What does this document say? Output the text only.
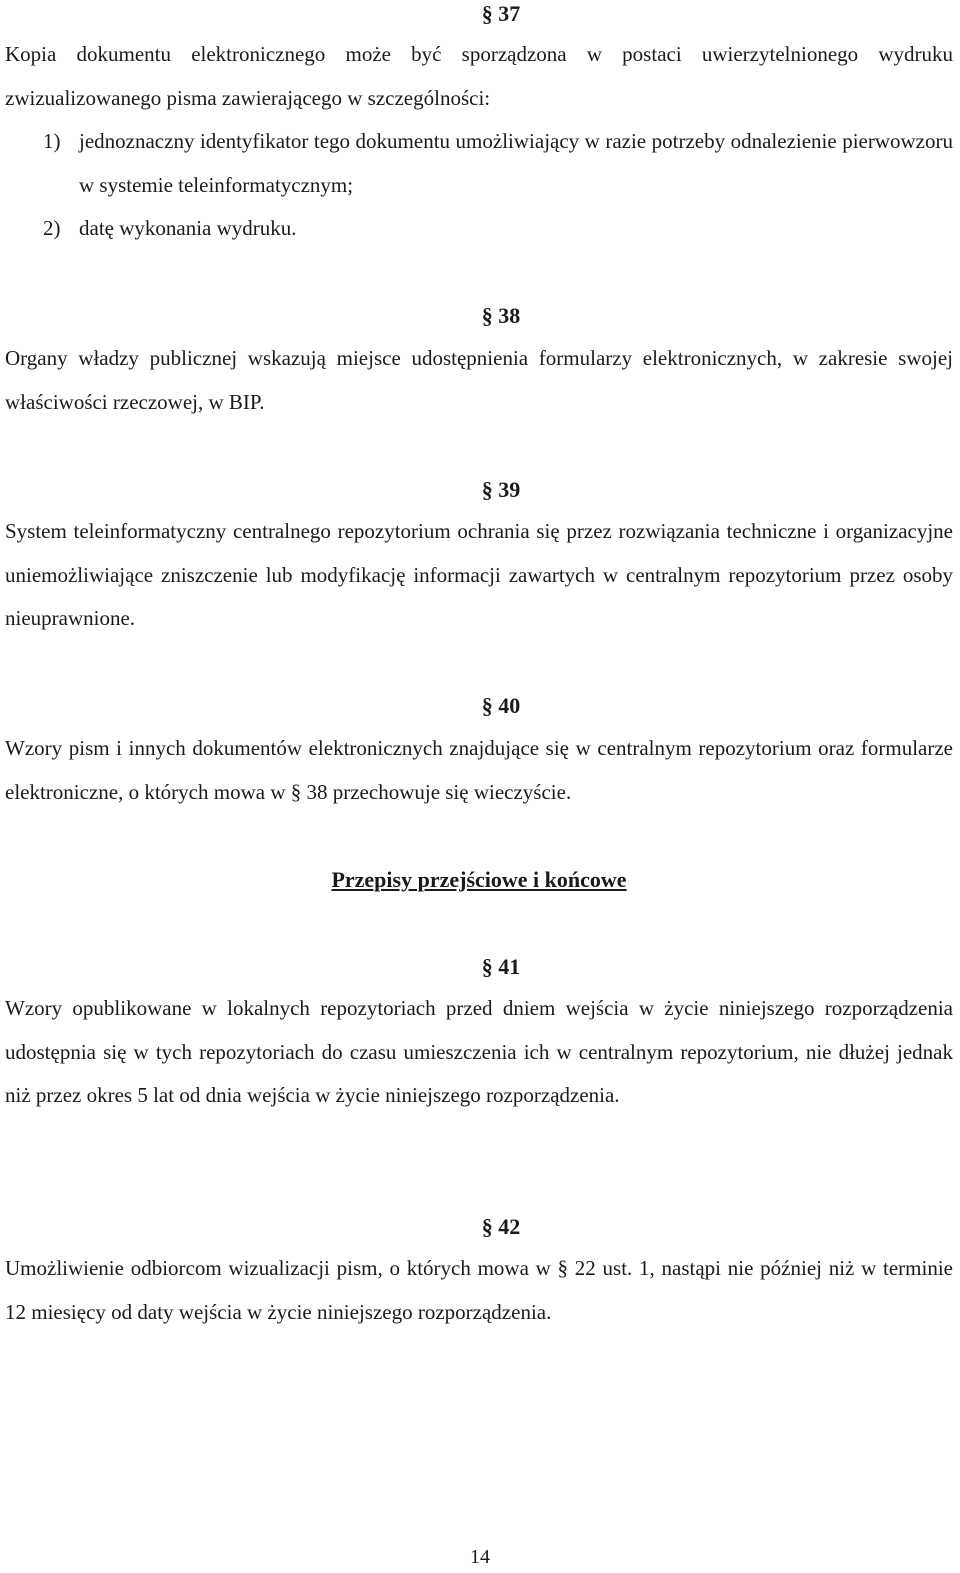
§ 37
Kopia dokumentu elektronicznego może być sporządzona w postaci uwierzytelnionego wydruku zwizualizowanego pisma zawierającego w szczególności:
1) jednoznaczny identyfikator tego dokumentu umożliwiający w razie potrzeby odnalezienie pierwowzoru w systemie teleinformatycznym;
2) datę wykonania wydruku.
§ 38
Organy władzy publicznej wskazują miejsce udostępnienia formularzy elektronicznych, w zakresie swojej właściwości rzeczowej, w BIP.
§ 39
System teleinformatyczny centralnego repozytorium ochrania się przez rozwiązania techniczne i organizacyjne uniemożliwiające zniszczenie lub modyfikację informacji zawartych w centralnym repozytorium przez osoby nieuprawnione.
§ 40
Wzory pism i innych dokumentów elektronicznych znajdujące się w centralnym repozytorium oraz formularze elektroniczne, o których mowa w § 38 przechowuje się wieczyście.
Przepisy przejściowe i końcowe
§ 41
Wzory opublikowane w lokalnych repozytoriach przed dniem wejścia w życie niniejszego rozporządzenia udostępnia się w tych repozytoriach do czasu umieszczenia ich w centralnym repozytorium, nie dłużej jednak niż przez okres 5 lat od dnia wejścia w życie niniejszego rozporządzenia.
§ 42
Umożliwienie odbiorcom wizualizacji pism, o których mowa w § 22 ust. 1, nastąpi nie później niż w terminie 12 miesięcy od daty wejścia w życie niniejszego rozporządzenia.
14
